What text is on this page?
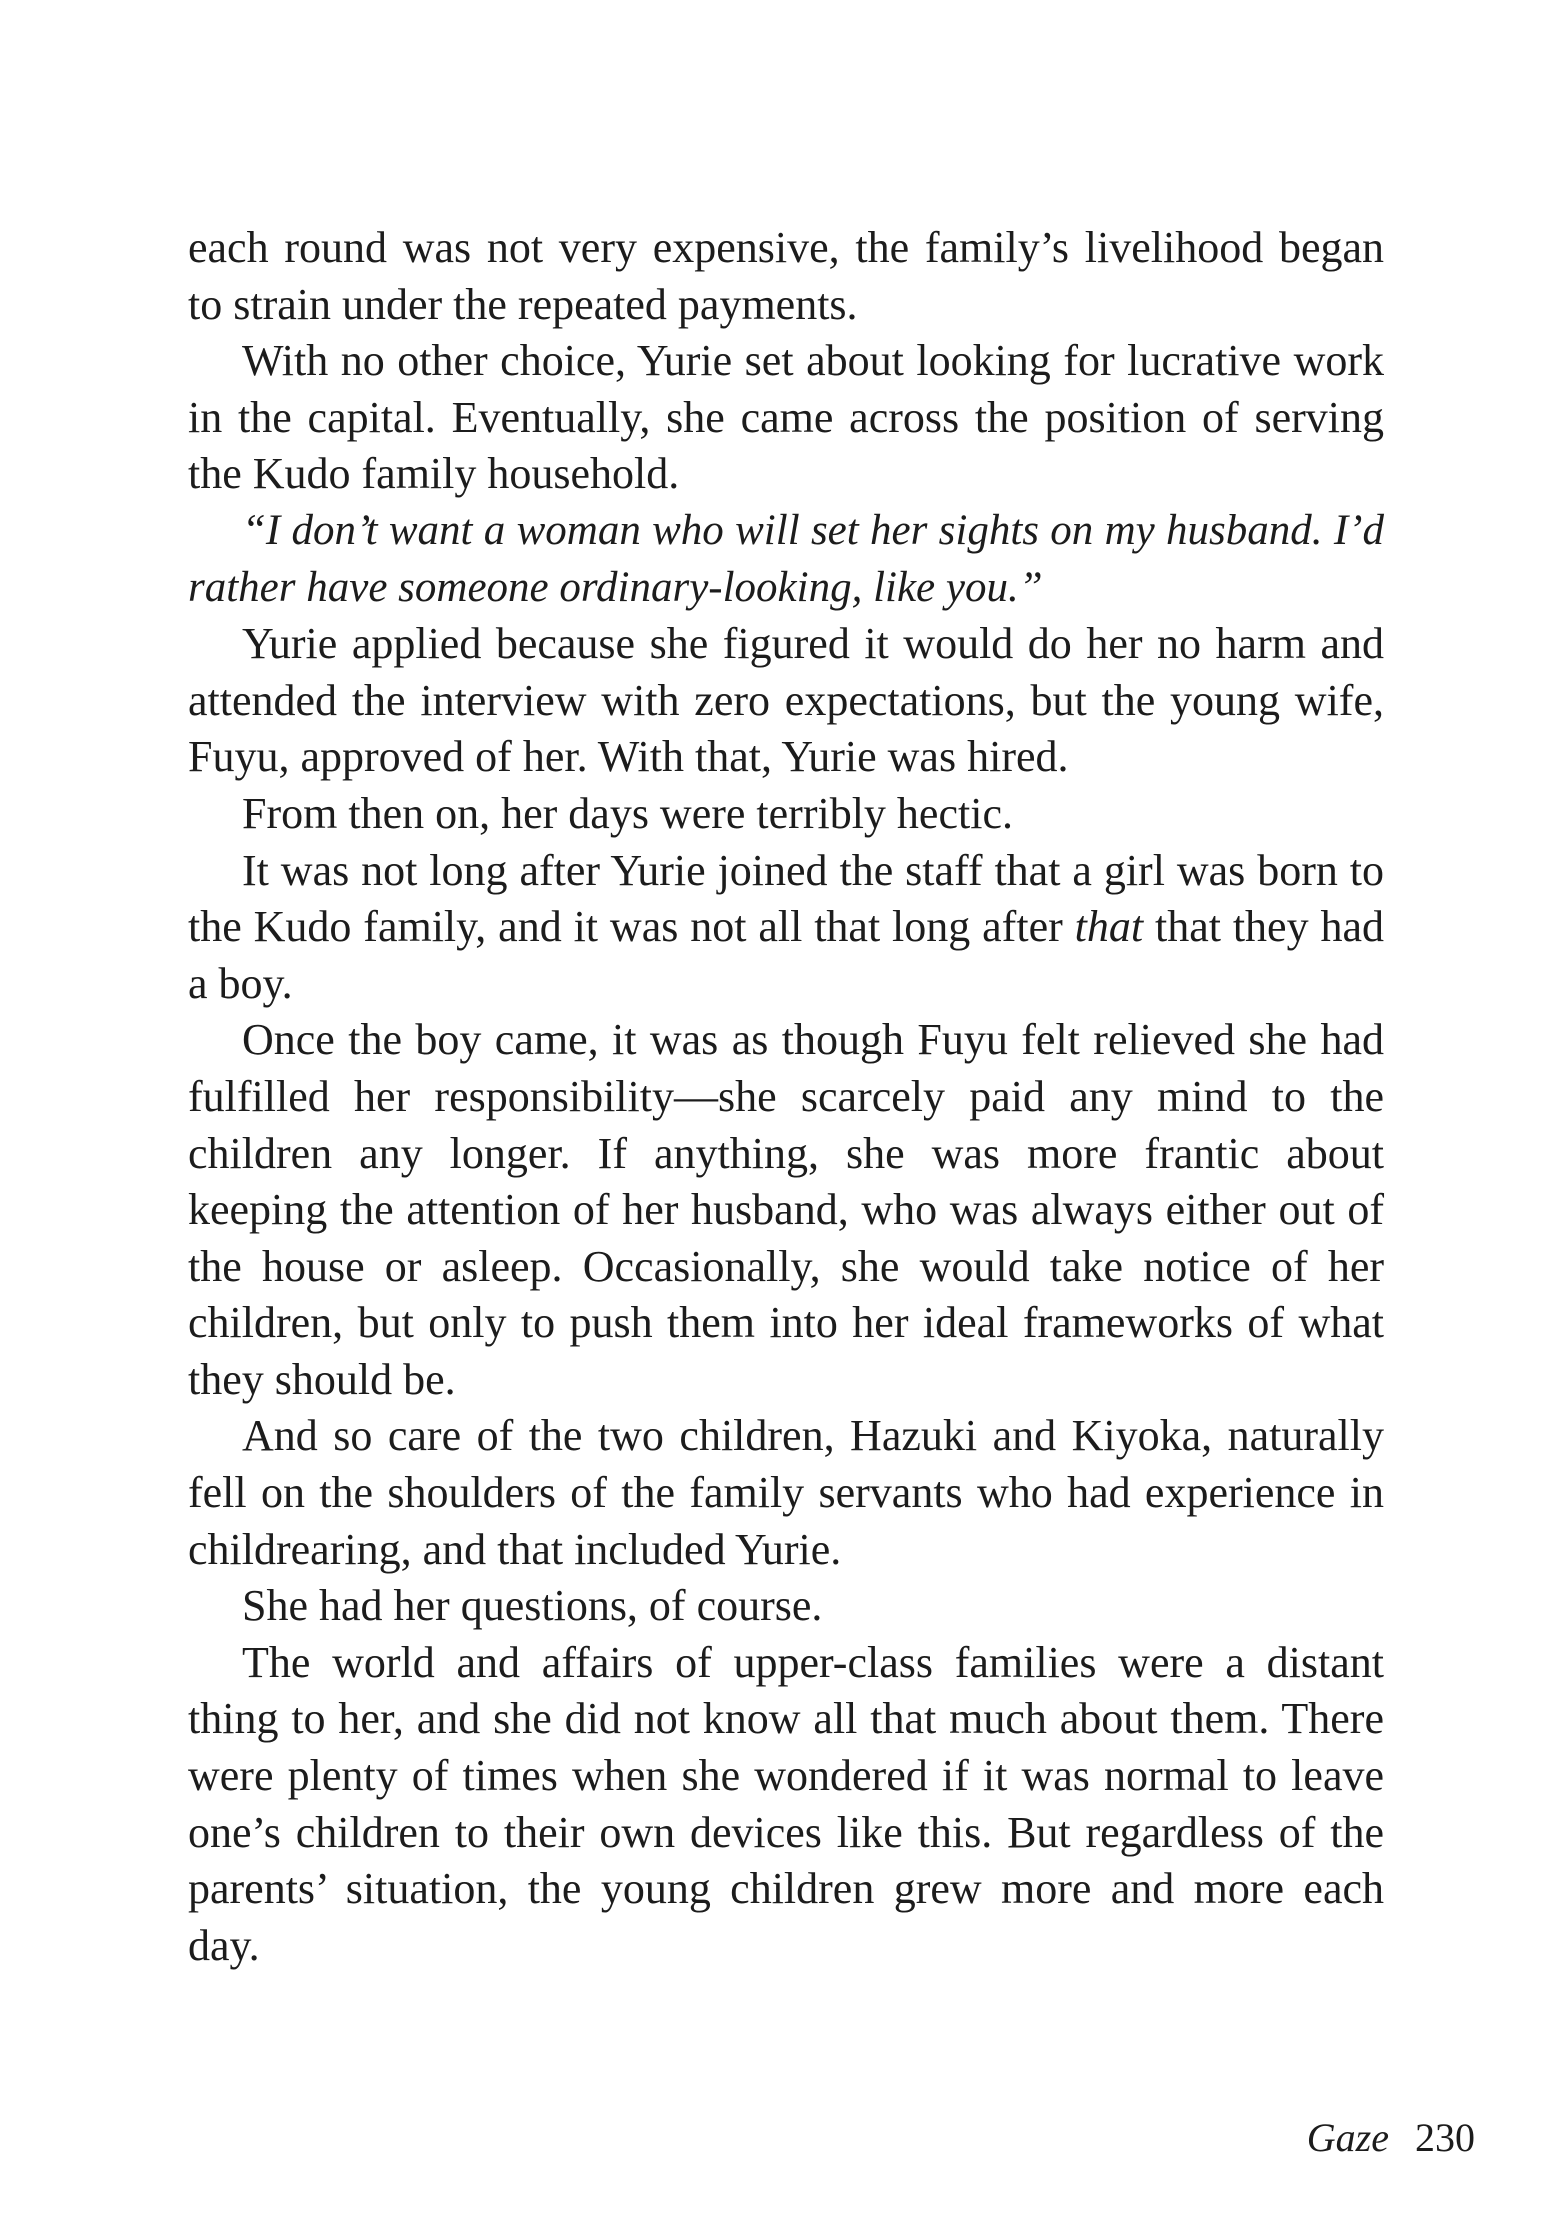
each round was not very expensive, the family’s livelihood began to strain under the repeated payments.

With no other choice, Yurie set about looking for lucrative work in the capital. Eventually, she came across the position of serving the Kudo family household.

“I don’t want a woman who will set her sights on my husband. I’d rather have someone ordinary-looking, like you.”

Yurie applied because she figured it would do her no harm and attended the interview with zero expectations, but the young wife, Fuyu, approved of her. With that, Yurie was hired.

From then on, her days were terribly hectic.

It was not long after Yurie joined the staff that a girl was born to the Kudo family, and it was not all that long after that that they had a boy.

Once the boy came, it was as though Fuyu felt relieved she had fulfilled her responsibility—she scarcely paid any mind to the children any longer. If anything, she was more frantic about keeping the attention of her husband, who was always either out of the house or asleep. Occasionally, she would take notice of her children, but only to push them into her ideal frameworks of what they should be.

And so care of the two children, Hazuki and Kiyoka, naturally fell on the shoulders of the family servants who had experience in childrearing, and that included Yurie.

She had her questions, of course.

The world and affairs of upper-class families were a distant thing to her, and she did not know all that much about them. There were plenty of times when she wondered if it was normal to leave one’s children to their own devices like this. But regardless of the parents’ situation, the young children grew more and more each day.

Gaze 230
